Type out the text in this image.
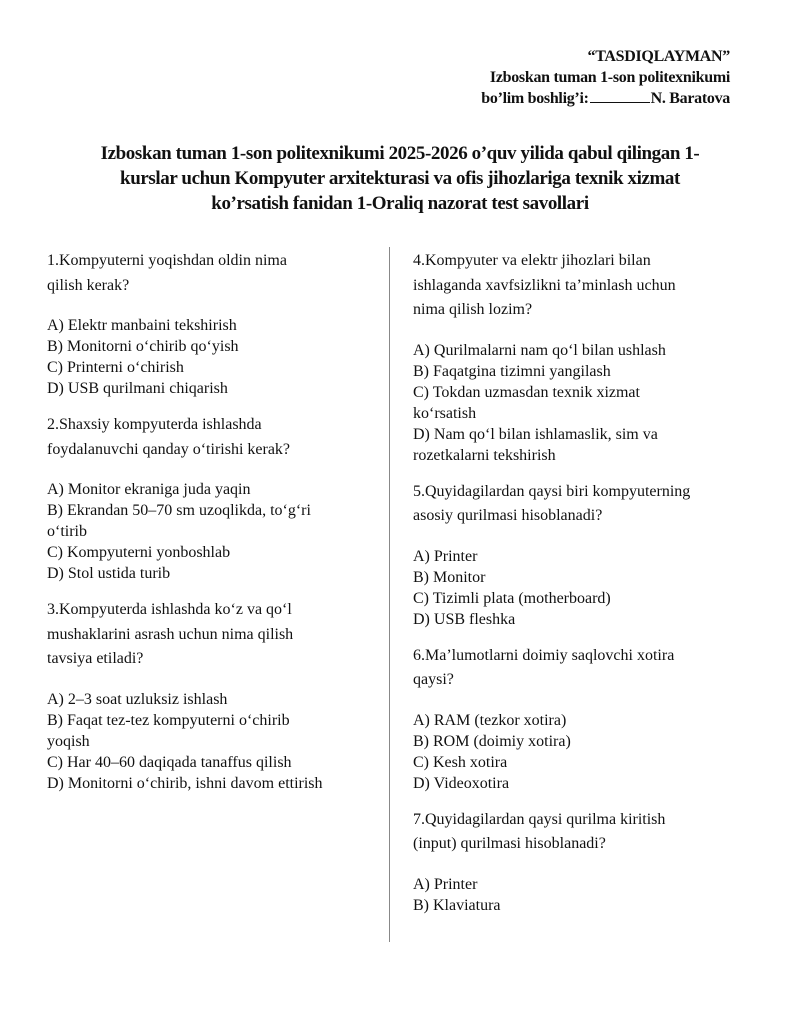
“TASDIQLAYMAN”
Izboskan tuman 1-son politexnikumi
bo’lim boshlig’i:	N. Baratova
Izboskan tuman 1-son politexnikumi 2025-2026 o’quv yilida qabul qilingan 1-
kurslar uchun Kompyuter arxitekturasi va ofis jihozlariga texnik xizmat
ko’rsatish fanidan 1-Oraliq nazorat test savollari
1.Kompyuterni yoqishdan oldin nima
qilish kerak?
A) Elektr manbaini tekshirish
B) Monitorni o‘chirib qo‘yish
C) Printerni o‘chirish
D) USB qurilmani chiqarish
2.Shaxsiy kompyuterda ishlashda
foydalanuvchi qanday o‘tirishi kerak?
A) Monitor ekraniga juda yaqin
B) Ekrandan 50–70 sm uzoqlikda, to‘g‘ri
o‘tirib
C) Kompyuterni yonboshlab
D) Stol ustida turib
3.Kompyuterda ishlashda ko‘z va qo‘l
mushaklarini asrash uchun nima qilish
tavsiya etiladi?
A) 2–3 soat uzluksiz ishlash
B) Faqat tez-tez kompyuterni o‘chirib
yoqish
C) Har 40–60 daqiqada tanaffus qilish
D) Monitorni o‘chirib, ishni davom ettirish
4.Kompyuter va elektr jihozlari bilan
ishlaganda xavfsizlikni ta’minlash uchun
nima qilish lozim?
A) Qurilmalarni nam qo‘l bilan ushlash
B) Faqatgina tizimni yangilash
C) Tokdan uzmasdan texnik xizmat
ko‘rsatish
D) Nam qo‘l bilan ishlamaslik, sim va
rozetkalarni tekshirish
5.Quyidagilardan qaysi biri kompyuterning
asosiy qurilmasi hisoblanadi?
A) Printer
B) Monitor
C) Tizimli plata (motherboard)
D) USB fleshka
6.Ma’lumotlarni doimiy saqlovchi xotira
qaysi?
A) RAM (tezkor xotira)
B) ROM (doimiy xotira)
C) Kesh xotira
D) Videoxotira
7.Quyidagilardan qaysi qurilma kiritish
(input) qurilmasi hisoblanadi?
A) Printer
B) Klaviatura
